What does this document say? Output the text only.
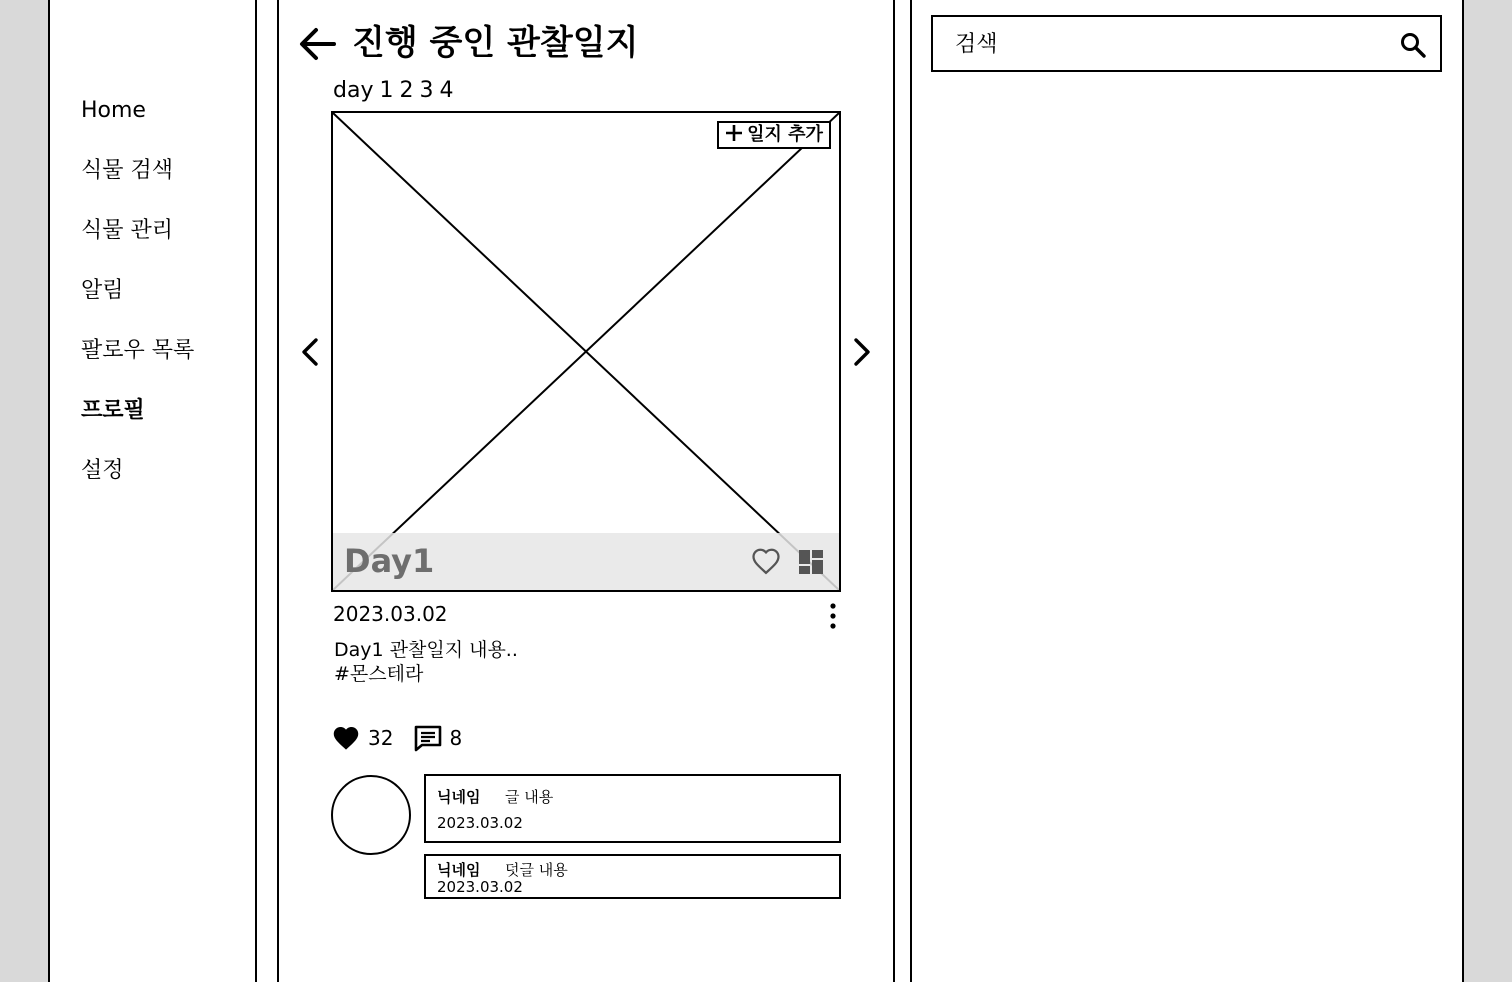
Home
식물 검색
식물 관리
알림
팔로우 목록
프로필
설정
진행 중인 관찰일지
day 1 2 3 4
일지 추가
Day1
2023.03.02
Day1 관찰일지 내용..
#몬스테라
32	8
닉네임 글 내용
2023.03.02
닉네임 덧글 내용
2023.03.02
검색
